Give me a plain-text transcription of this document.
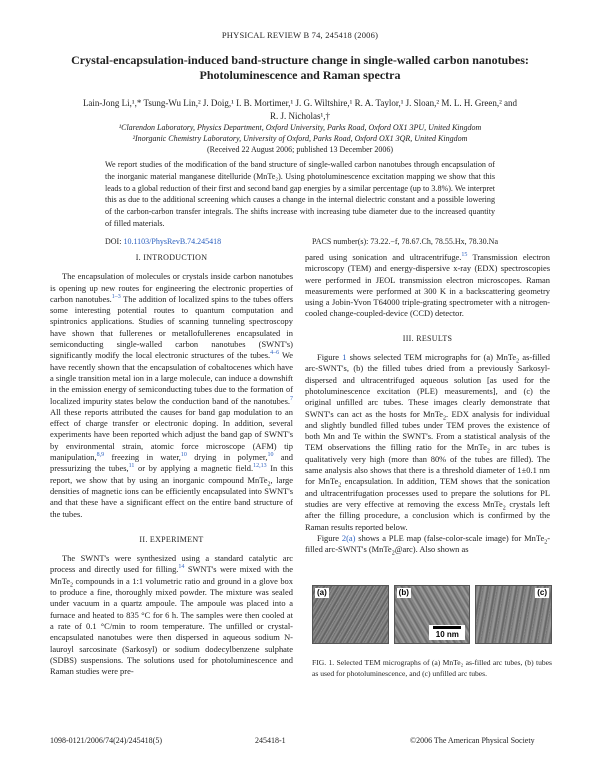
PHYSICAL REVIEW B 74, 245418 (2006)
Crystal-encapsulation-induced band-structure change in single-walled carbon nanotubes: Photoluminescence and Raman spectra
Lain-Jong Li,¹,* Tsung-Wu Lin,² J. Doig,¹ I. B. Mortimer,¹ J. G. Wiltshire,¹ R. A. Taylor,¹ J. Sloan,² M. L. H. Green,² and
R. J. Nicholas¹,†
¹Clarendon Laboratory, Physics Department, Oxford University, Parks Road, Oxford OX1 3PU, United Kingdom
²Inorganic Chemistry Laboratory, University of Oxford, Parks Road, Oxford OX1 3QR, United Kingdom
(Received 22 August 2006; published 13 December 2006)
We report studies of the modification of the band structure of single-walled carbon nanotubes through encapsulation of the inorganic material manganese ditelluride (MnTe₂). Using photoluminescence excitation mapping we show that this leads to a global reduction of their first and second band gap energies by a similar percentage (up to 3.8%). We interpret this as due to the additional screening which causes a change in the internal dielectric constant and a possible lowering of the carbon-carbon transfer integrals. The shifts increase with increasing tube diameter due to the increased quantity of filled materials.
DOI: 10.1103/PhysRevB.74.245418	PACS number(s): 73.22.−f, 78.67.Ch, 78.55.Hx, 78.30.Na
I. INTRODUCTION

The encapsulation of molecules or crystals inside carbon nanotubes is opening up new routes for engineering the electronic properties of carbon nanotubes.$^{1-3}$ The addition of localized spins to the tubes offers some interesting potential routes to quantum computation and spintronics applications. Studies of scanning tunneling spectroscopy have shown that fullerenes or metallofullerenes encapsulated in semiconducting single-walled carbon nanotubes (SWNT's) significantly modify the local electronic structures of the tubes.$^{4-6}$ We have recently shown that the encapsulation of cobaltocenes which have a single transition metal ion in a large molecule, can induce a downshift in the emission energy of semiconducting tubes due to the formation of localized impurity states below the conduction band of the nanotubes.$^7$ All these reports attributed the causes for band gap modulation to an effect of charge transfer or electronic doping. In addition, several experiments have been reported which adjust the band gap of SWNT's by environmental strain, atomic force microscope (AFM) tip manipulation,$^{8,9}$ freezing in water,$^{10}$ drying in polymer,$^{10}$ and pressurizing the tubes,$^{11}$ or by applying a magnetic field.$^{12,13}$ In this report, we show that by using an inorganic compound MnTe$_2$, large densities of magnetic ions can be efficiently encapsulated into SWNT's and that these have a significant effect on the entire band structure of the tubes.

II. EXPERIMENT

The SWNT's were synthesized using a standard catalytic arc process and directly used for filling.$^{14}$ SWNT's were mixed with the MnTe$_2$ compounds in a 1:1 volumetric ratio and ground in a glove box to produce a fine, thoroughly mixed powder. The mixture was sealed under vacuum in a quartz ampoule. The ampoule was placed into a furnace and heated to 835 °C for 6 h. The samples were then cooled at a rate of 0.1 °C/min to room temperature. The unfilled or crystal-encapsulated nanotubes were then dispersed in aqueous sodium N-lauroyl sarcosinate (Sarkosyl) or sodium dodecylbenzene sulphate (SDBS) suspensions. The solutions used for photoluminescence and Raman studies were pre-

pared using sonication and ultracentrifuge.$^{15}$ Transmission electron microscopy (TEM) and energy-dispersive x-ray (EDX) spectroscopies were performed in JEOL transmission electron microscopes. Raman measurements were performed at 300 K in a backscattering geometry using a Jobin-Yvon T64000 triple-grating spectrometer with a nitrogen-cooled change-coupled-device (CCD) detector.

III. RESULTS

Figure 1 shows selected TEM micrographs for (a) MnTe$_2$ as-filled arc-SWNT's, (b) the filled tubes dried from a previously Sarkosyl-dispersed and ultracentrifuged aqueous solution [as used for the photoluminescence excitation (PLE) measurements], and (c) the original unfilled arc tubes. These images clearly demonstrate that SWNT's can act as the hosts for MnTe$_2$. EDX analysis for individual and slightly bundled filled tubes under TEM proves the existence of both Mn and Te within the SWNT's. From a statistical analysis of the TEM observations the filling ratio for the MnTe$_2$ in arc tubes is qualitatively very high (more than 80% of the tubes are filled). The same analysis also shows that there is a threshold diameter of 1±0.1 nm for MnTe$_2$ encapsulation. In addition, TEM shows that the sonication and ultracentrifugation processes used to prepare the solutions for PL studies are very effective at removing the excess MnTe$_2$ crystals left after the filling procedure, a conclusion which is confirmed by the Raman results reported below.

Figure 2(a) shows a PLE map (false-color-scale image) for MnTe$_2$-filled arc-SWNT's (MnTe$_2$@arc). Also shown as

(a)	(b)
10 nm
(c)
FIG. 1. Selected TEM micrographs of (a) MnTe₂ as-filled arc tubes, (b) tubes as used for photoluminescence, and (c) unfilled arc tubes.
1098-0121/2006/74(24)/245418(5)	245418-1	©2006 The American Physical Society
